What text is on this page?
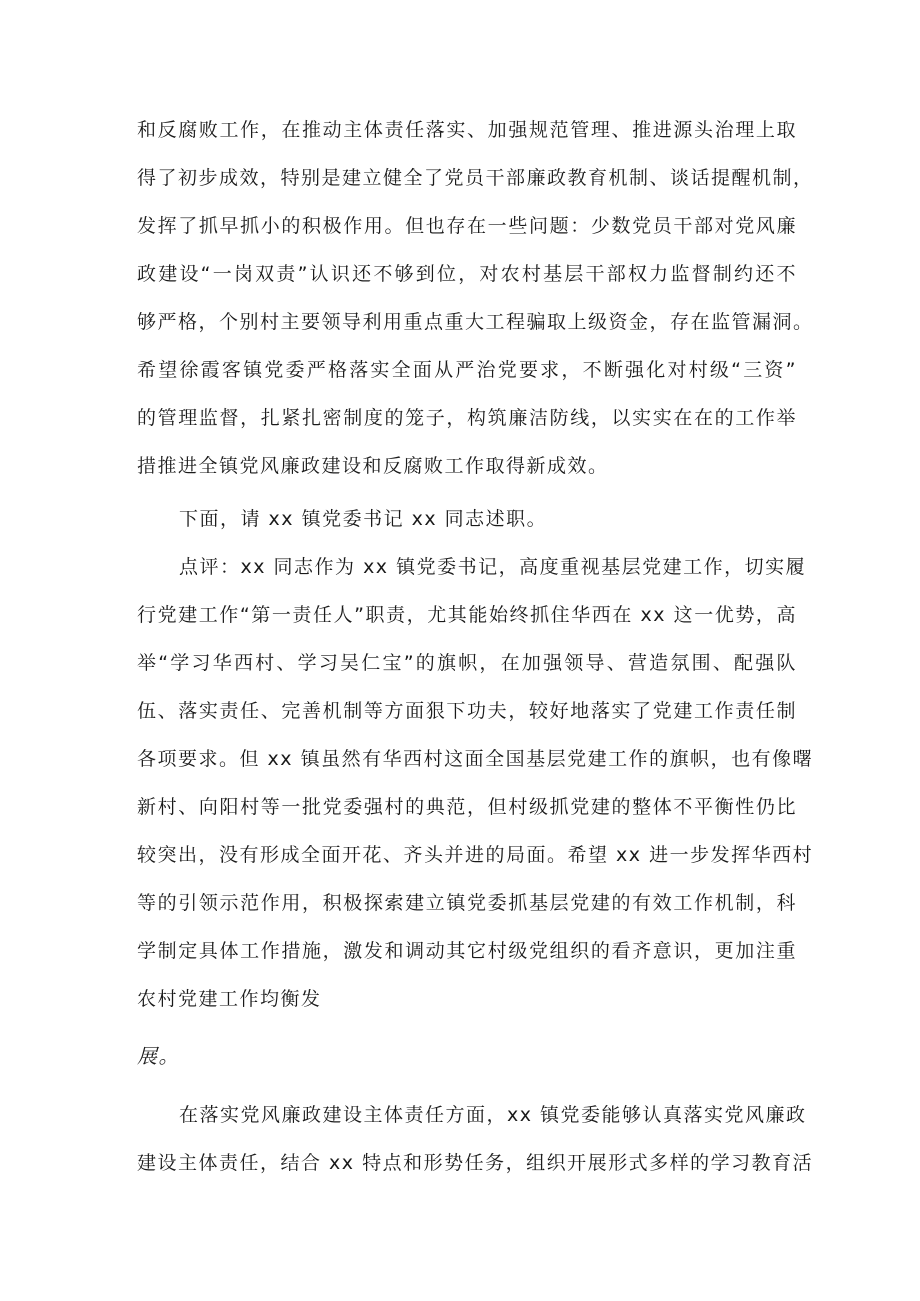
和反腐败工作，在推动主体责任落实、加强规范管理、推进源头治理上取
得了初步成效，特别是建立健全了党员干部廉政教育机制、谈话提醒机制，
发挥了抓早抓小的积极作用。但也存在一些问题：少数党员干部对党风廉
政建设“一岗双责”认识还不够到位，对农村基层干部权力监督制约还不
够严格，个别村主要领导利用重点重大工程骗取上级资金，存在监管漏洞。
希望徐霞客镇党委严格落实全面从严治党要求，不断强化对村级“三资”
的管理监督，扎紧扎密制度的笼子，构筑廉洁防线，以实实在在的工作举
措推进全镇党风廉政建设和反腐败工作取得新成效。
下面，请 xx 镇党委书记 xx 同志述职。
点评：xx 同志作为 xx 镇党委书记，高度重视基层党建工作，切实履
行党建工作“第一责任人”职责，尤其能始终抓住华西在 xx 这一优势，高
举“学习华西村、学习吴仁宝”的旗帜，在加强领导、营造氛围、配强队
伍、落实责任、完善机制等方面狠下功夫，较好地落实了党建工作责任制
各项要求。但 xx 镇虽然有华西村这面全国基层党建工作的旗帜，也有像曙
新村、向阳村等一批党委强村的典范，但村级抓党建的整体不平衡性仍比
较突出，没有形成全面开花、齐头并进的局面。希望 xx 进一步发挥华西村
等的引领示范作用，积极探索建立镇党委抓基层党建的有效工作机制，科
学制定具体工作措施，激发和调动其它村级党组织的看齐意识，更加注重
农村党建工作均衡发
展。
在落实党风廉政建设主体责任方面，xx 镇党委能够认真落实党风廉政
建设主体责任，结合 xx 特点和形势任务，组织开展形式多样的学习教育活
